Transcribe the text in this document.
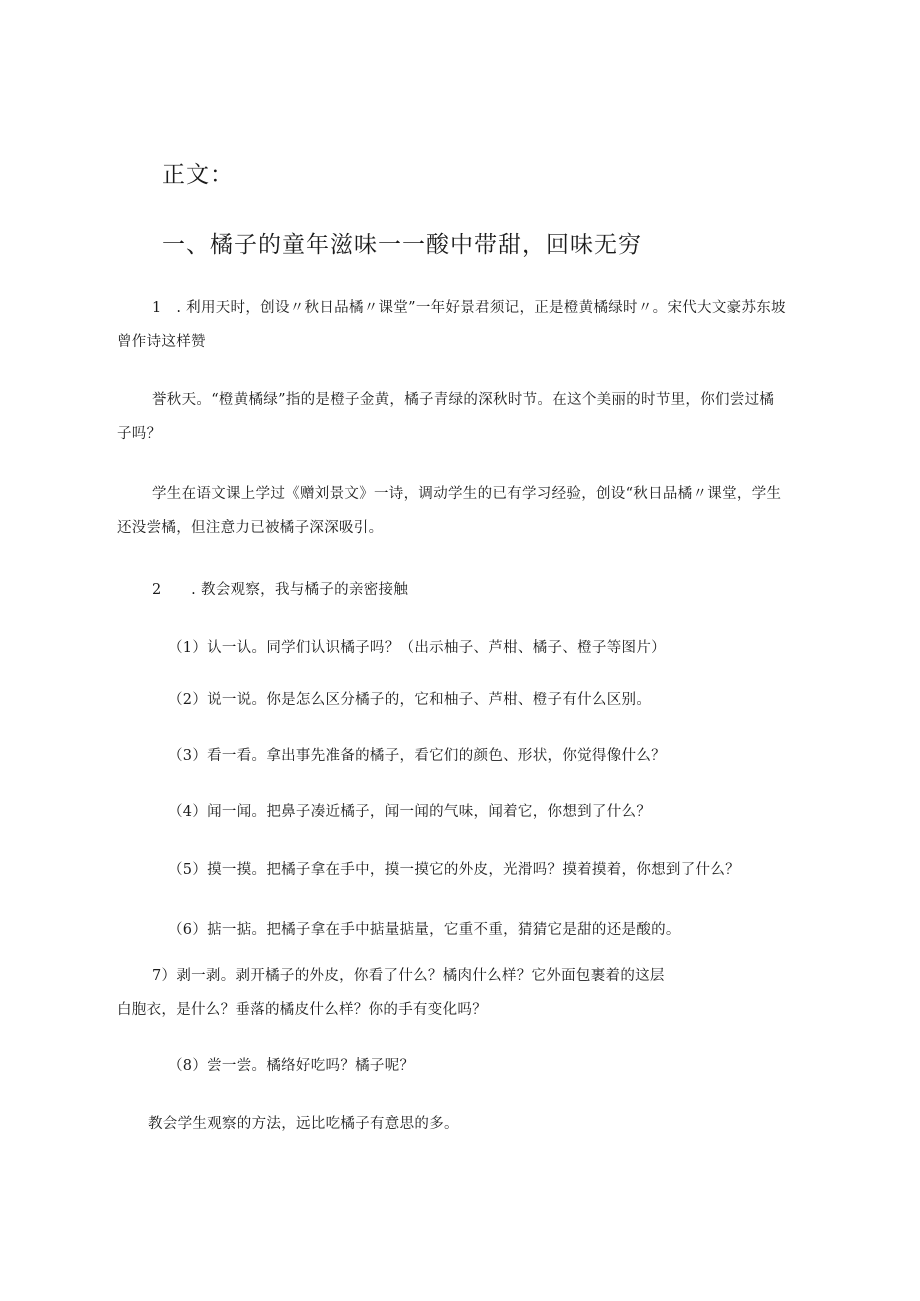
正文：

一、橘子的童年滋味一一酸中带甜，回味无穷

1　. 利用天时，创设〃秋日品橘〃课堂”一年好景君须记，正是橙黄橘绿时〃。宋代大文豪苏东坡

曾作诗这样赞

誉秋天。“橙黄橘绿”指的是橙子金黄，橘子青绿的深秋时节。在这个美丽的时节里，你们尝过橘

子吗？

学生在语文课上学过《赠刘景文》一诗，调动学生的已有学习经验，创设“秋日品橘〃课堂，学生

还没尝橘，但注意力已被橘子深深吸引。

2　　. 教会观察，我与橘子的亲密接触

（1）认一认。同学们认识橘子吗？（出示柚子、芦柑、橘子、橙子等图片）

（2）说一说。你是怎么区分橘子的，它和柚子、芦柑、橙子有什么区别。

（3）看一看。拿出事先准备的橘子，看它们的颜色、形状，你觉得像什么？

（4）闻一闻。把鼻子凑近橘子，闻一闻的气味，闻着它，你想到了什么？

（5）摸一摸。把橘子拿在手中，摸一摸它的外皮，光滑吗？摸着摸着，你想到了什么？

（6）掂一掂。把橘子拿在手中掂量掂量，它重不重，猜猜它是甜的还是酸的。

7）剥一剥。剥开橘子的外皮，你看了什么？橘肉什么样？它外面包裹着的这层

白胞衣，是什么？垂落的橘皮什么样？你的手有变化吗？

（8）尝一尝。橘络好吃吗？橘子呢？

教会学生观察的方法，远比吃橘子有意思的多。
